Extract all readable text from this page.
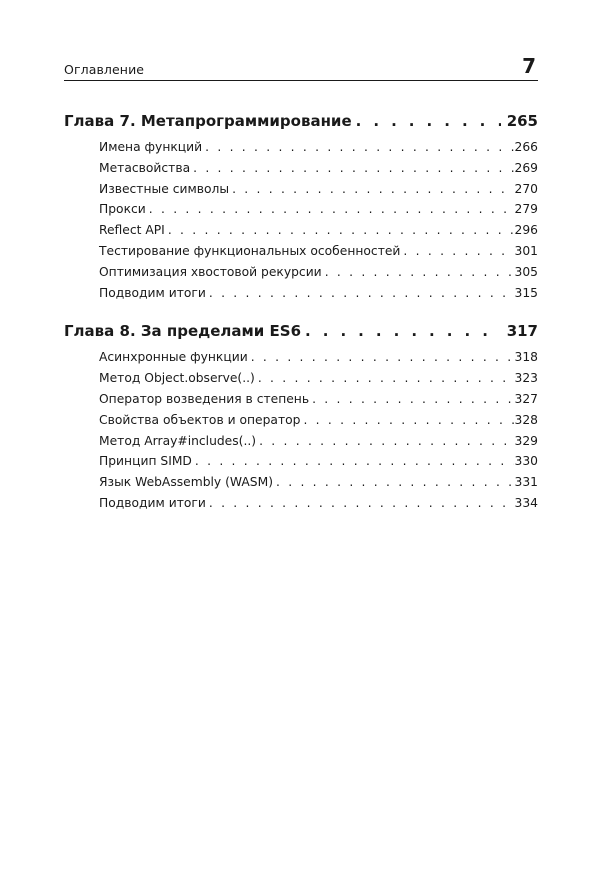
Оглавление	7
Глава 7. Метапрограммирование . . .	265
Имена функций . . .	266
Метасвойства . . .	269
Известные символы . . .	270
Прокси . . .	279
Reflect API . . .	296
Тестирование функциональных особенностей . . .	301
Оптимизация хвостовой рекурсии . . .	305
Подводим итоги . . .	315
Глава 8. За пределами ES6 . . .	317
Асинхронные функции . . .	318
Метод Object.observe(..) . . .	323
Оператор возведения в степень . . .	327
Свойства объектов и оператор . . .	328
Метод Array#includes(..) . . .	329
Принцип SIMD . . .	330
Язык WebAssembly (WASM) . . .	331
Подводим итоги . . .	334
